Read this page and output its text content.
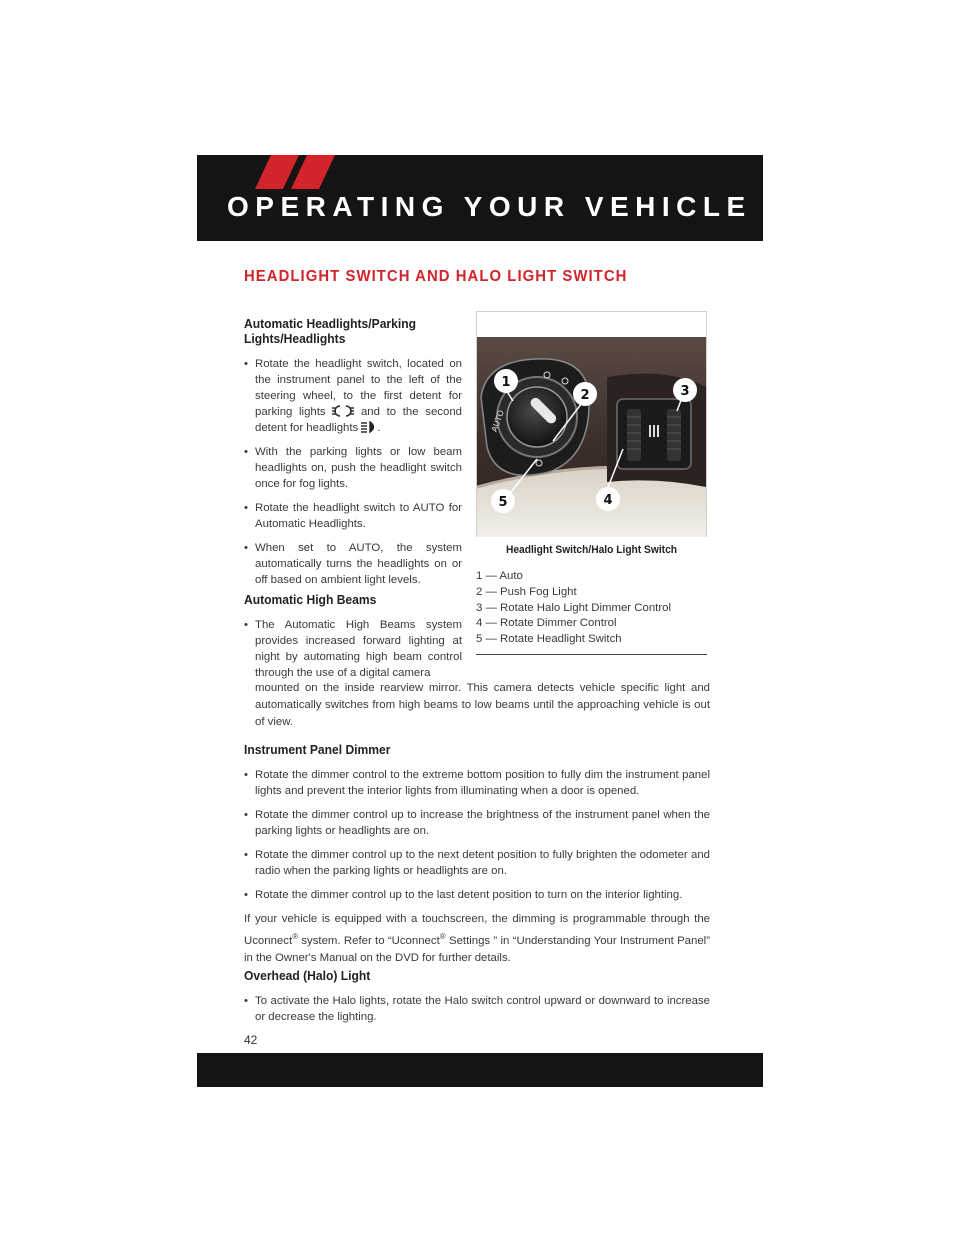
OPERATING YOUR VEHICLE
HEADLIGHT SWITCH AND HALO LIGHT SWITCH
Automatic Headlights/Parking
Lights/Headlights
• Rotate the headlight switch, located on the instrument panel to the left of the steering wheel, to the first detent for parking lights	and to the second detent for headlights .
• With the parking lights or low beam headlights on, push the headlight switch once for fog lights.
• Rotate the headlight switch to AUTO for Automatic Headlights.
• When set to AUTO, the system automatically turns the headlights on or off based on ambient light levels.
Automatic High Beams
• The Automatic High Beams system provides increased forward lighting at night by automating high beam control through the use of a digital camera

mounted on the inside rearview mirror. This camera detects vehicle specific light and automatically switches from high beams to low beams until the approaching vehicle is out of view.

Instrument Panel Dimmer
• Rotate the dimmer control to the extreme bottom position to fully dim the instrument panel lights and prevent the interior lights from illuminating when a door is opened.
• Rotate the dimmer control up to increase the brightness of the instrument panel when the parking lights or headlights are on.
• Rotate the dimmer control up to the next detent position to fully brighten the odometer and radio when the parking lights or headlights are on.
• Rotate the dimmer control up to the last detent position to turn on the interior lighting.

If your vehicle is equipped with a touchscreen, the dimming is programmable through the Uconnect® system. Refer to “Uconnect® Settings ” in “Understanding Your Instrument Panel” in the Owner's Manual on the DVD for further details.

Overhead (Halo) Light
• To activate the Halo lights, rotate the Halo switch control upward or downward to increase or decrease the lighting.
AUTO
1
2	3
4
5
Headlight Switch/Halo Light Switch
1 — Auto
2 — Push Fog Light
3 — Rotate Halo Light Dimmer Control
4 — Rotate Dimmer Control
5 — Rotate Headlight Switch
42
